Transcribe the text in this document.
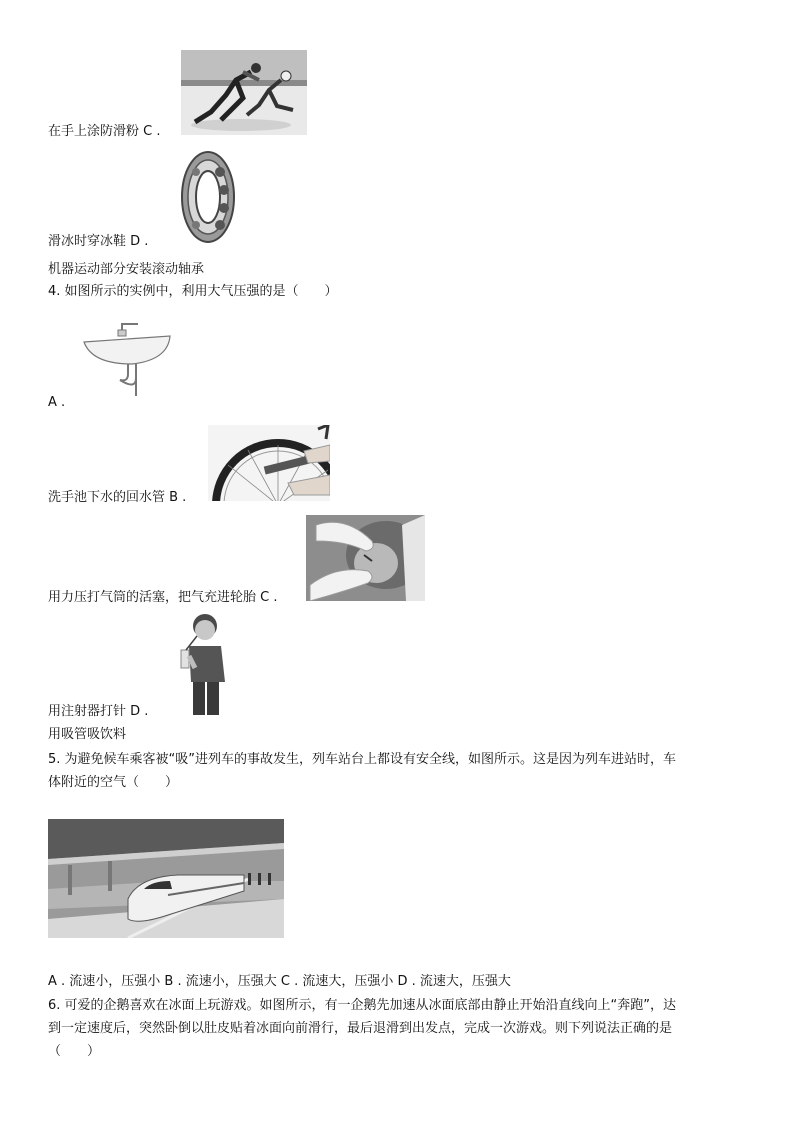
在手上涂防滑粉 C .
滑冰时穿冰鞋 D .
机器运动部分安装滚动轴承
4. 如图所示的实例中，利用大气压强的是（　　）
A .
洗手池下水的回水管 B .
用力压打气筒的活塞，把气充进轮胎 C .
用注射器打针 D .
用吸管吸饮料
5. 为避免候车乘客被“吸”进列车的事故发生，列车站台上都设有安全线，如图所示。这是因为列车进站时，车
体附近的空气（　　）
A . 流速小，压强小 B . 流速小，压强大 C . 流速大，压强小 D . 流速大，压强大
6. 可爱的企鹅喜欢在冰面上玩游戏。如图所示，有一企鹅先加速从冰面底部由静止开始沿直线向上“奔跑”，达
到一定速度后，突然卧倒以肚皮贴着冰面向前滑行，最后退滑到出发点，完成一次游戏。则下列说法正确的是
（　　）
